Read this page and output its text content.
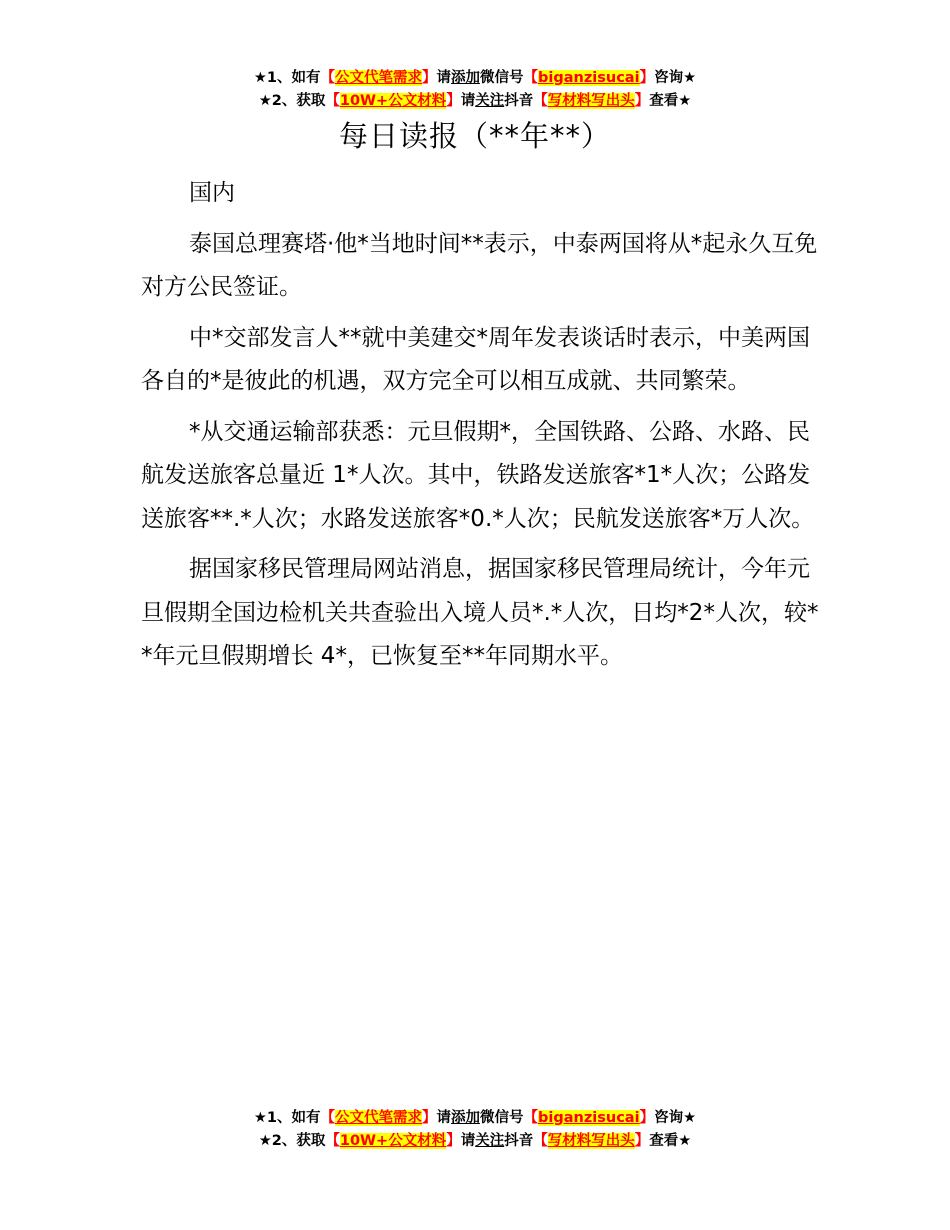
★1、如有【公文代笔需求】请添加微信号【biganzisucai】咨询★
★2、获取【10W+公文材料】请关注抖音【写材料写出头】查看★
每日读报（**年**）

国内

泰国总理赛塔·他*当地时间**表示，中泰两国将从*起永久互免对方公民签证。

中*交部发言人**就中美建交*周年发表谈话时表示，中美两国各自的*是彼此的机遇，双方完全可以相互成就、共同繁荣。

*从交通运输部获悉：元旦假期*，全国铁路、公路、水路、民航发送旅客总量近 1*人次。其中，铁路发送旅客*1*人次；公路发送旅客**.*人次；水路发送旅客*0.*人次；民航发送旅客*万人次。

据国家移民管理局网站消息，据国家移民管理局统计，今年元旦假期全国边检机关共查验出入境人员*.*人次，日均*2*人次，较**年元旦假期增长 4*，已恢复至**年同期水平。

★1、如有【公文代笔需求】请添加微信号【biganzisucai】咨询★
★2、获取【10W+公文材料】请关注抖音【写材料写出头】查看★
